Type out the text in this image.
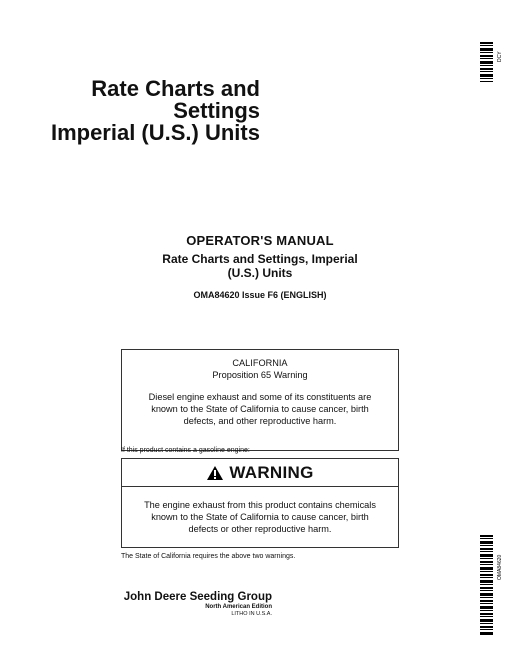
Rate Charts and
Settings
Imperial (U.S.) Units
DCY
OMA84620
OPERATOR'S MANUAL
Rate Charts and Settings, Imperial
(U.S.) Units
OMA84620 Issue F6 (ENGLISH)
CALIFORNIA
Proposition 65 Warning
Diesel engine exhaust and some of its constituents are
known to the State of California to cause cancer, birth
defects, and other reproductive harm.
If this product contains a gasoline engine:
WARNING
The engine exhaust from this product contains chemicals
known to the State of California to cause cancer, birth
defects or other reproductive harm.
The State of California requires the above two warnings.
John Deere Seeding Group
North American Edition
LITHO IN U.S.A.
